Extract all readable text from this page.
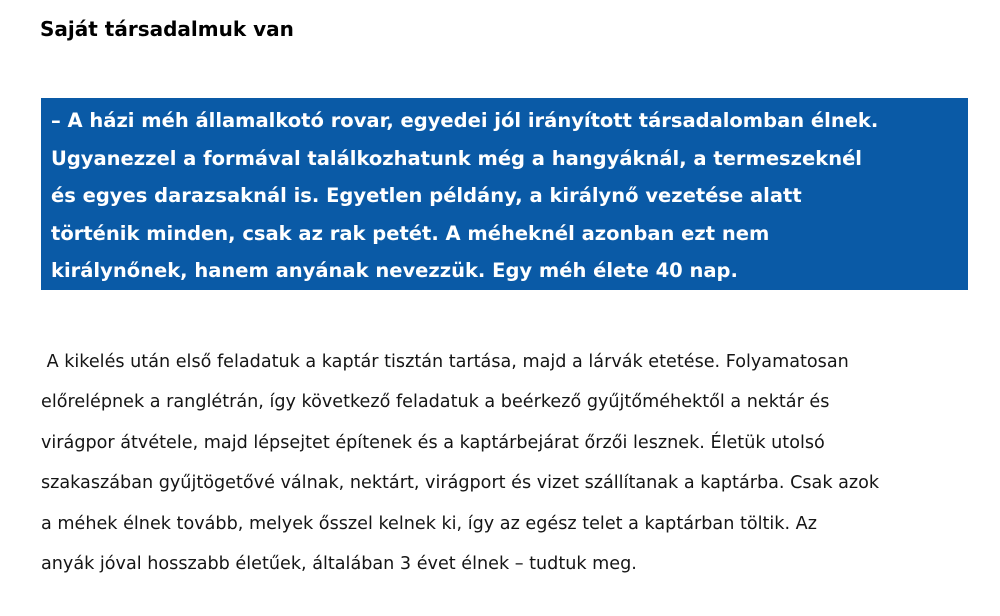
Saját társadalmuk van
– A házi méh államalkotó rovar, egyedei jól irányított társadalomban élnek.
Ugyanezzel a formával találkozhatunk még a hangyáknál, a termeszeknél
és egyes darazsaknál is. Egyetlen példány, a királynő vezetése alatt
történik minden, csak az rak petét. A méheknél azonban ezt nem
királynőnek, hanem anyának nevezzük. Egy méh élete 40 nap.
A kikelés után első feladatuk a kaptár tisztán tartása, majd a lárvák etetése. Folyamatosan
előrelépnek a ranglétrán, így következő feladatuk a beérkező gyűjtőméhektől a nektár és
virágpor átvétele, majd lépsejtet építenek és a kaptárbejárat őrzői lesznek. Életük utolsó
szakaszában gyűjtögetővé válnak, nektárt, virágport és vizet szállítanak a kaptárba. Csak azok
a méhek élnek tovább, melyek ősszel kelnek ki, így az egész telet a kaptárban töltik. Az
anyák jóval hosszabb életűek, általában 3 évet élnek – tudtuk meg.
